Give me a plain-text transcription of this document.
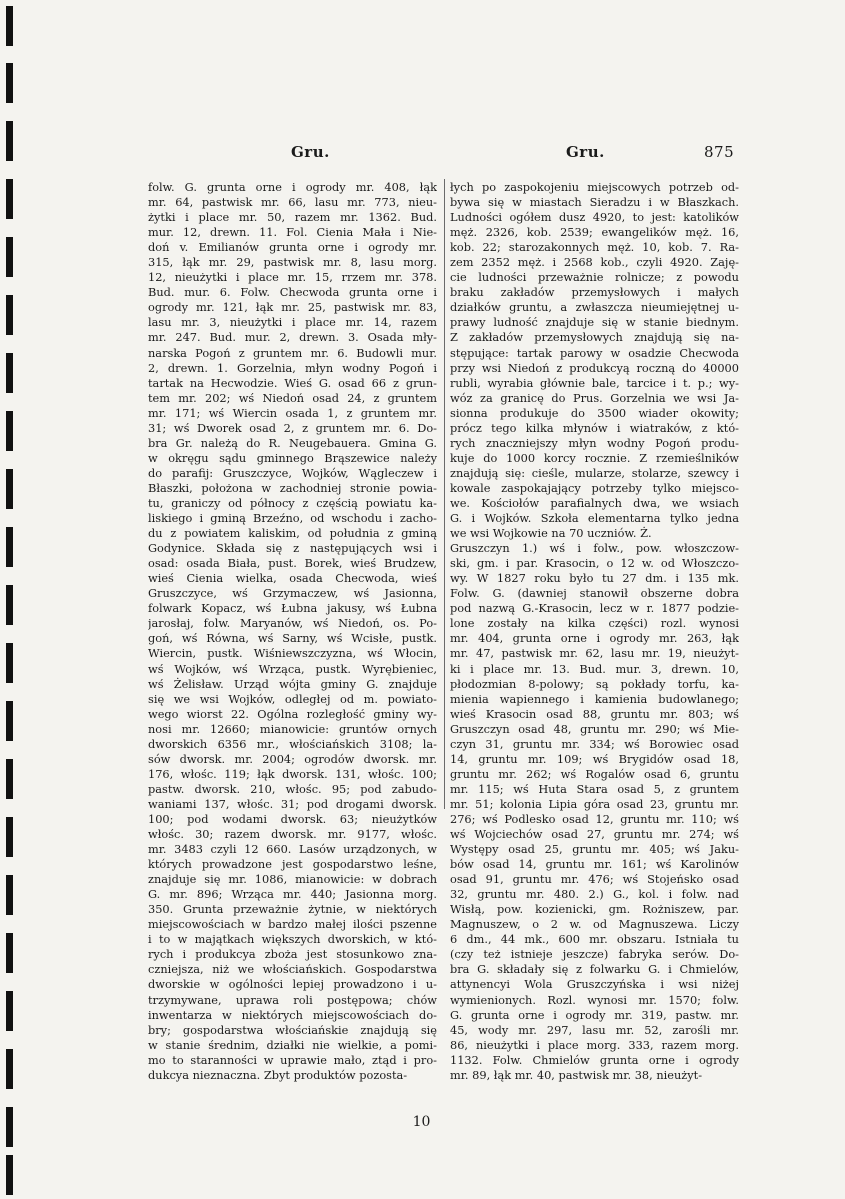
Gru.	Gru.	875
folw. G. grunta orne i ogrody mr. 408, łąk
mr. 64, pastwisk mr. 66, lasu mr. 773, nieu-
żytki i place mr. 50, razem mr. 1362. Bud.
mur. 12, drewn. 11. Fol. Cienia Mała i Nie-
doń v. Emilianów grunta orne i ogrody mr.
315, łąk mr. 29, pastwisk mr. 8, lasu morg.
12, nieużytki i place mr. 15, rrzem mr. 378.
Bud. mur. 6. Folw. Checwoda grunta orne i
ogrody mr. 121, łąk mr. 25, pastwisk mr. 83,
lasu mr. 3, nieużytki i place mr. 14, razem
mr. 247. Bud. mur. 2, drewn. 3. Osada mły-
narska Pogoń z gruntem mr. 6. Budowli mur.
2, drewn. 1. Gorzelnia, młyn wodny Pogoń i
tartak na Hecwodzie. Wieś G. osad 66 z grun-
tem mr. 202; wś Niedoń osad 24, z gruntem
mr. 171; wś Wiercin osada 1, z gruntem mr.
31; wś Dworek osad 2, z gruntem mr. 6. Do-
bra Gr. należą do R. Neugebauera. Gmina G.
w okręgu sądu gminnego Brąszewice należy
do parafij: Gruszczyce, Wojków, Wągleczew i
Błaszki, położona w zachodniej stronie powia-
tu, graniczy od północy z częścią powiatu ka-
liskiego i gminą Brzeźno, od wschodu i zacho-
du z powiatem kaliskim, od południa z gminą
Godynice. Składa się z następujących wsi i
osad: osada Biała, pust. Borek, wieś Brudzew,
wieś Cienia wielka, osada Checwoda, wieś
Gruszczyce, wś Grzymaczew, wś Jasionna,
folwark Kopacz, wś Łubna jakusy, wś Łubna
jarosłaj, folw. Maryanów, wś Niedoń, os. Po-
goń, wś Równa, wś Sarny, wś Wcisłe, pustk.
Wiercin, pustk. Wiśniewszczyzna, wś Włocin,
wś Wojków, wś Wrząca, pustk. Wyrębieniec,
wś Żelisław. Urząd wójta gminy G. znajduje
się we wsi Wojków, odległej od m. powiato-
wego wiorst 22. Ogólna rozległość gminy wy-
nosi mr. 12660; mianowicie: gruntów ornych
dworskich 6356 mr., włościańskich 3108; la-
sów dworsk. mr. 2004; ogrodów dworsk. mr.
176, włośc. 119; łąk dworsk. 131, włośc. 100;
pastw. dworsk. 210, włośc. 95; pod zabudo-
waniami 137, włośc. 31; pod drogami dworsk.
100; pod wodami dworsk. 63; nieużytków
włośc. 30; razem dworsk. mr. 9177, włośc.
mr. 3483 czyli 12 660. Lasów urządzonych, w
których prowadzone jest gospodarstwo leśne,
znajduje się mr. 1086, mianowicie: w dobrach
G. mr. 896; Wrząca mr. 440; Jasionna morg.
350. Grunta przeważnie żytnie, w niektórych
miejscowościach w bardzo małej ilości pszenne
i to w majątkach większych dworskich, w któ-
rych i produkcya zboża jest stosunkowo zna-
czniejsza, niż we włościańskich. Gospodarstwa
dworskie w ogólności lepiej prowadzono i u-
trzymywane, uprawa roli postępowa; chów
inwentarza w niektórych miejscowościach do-
bry; gospodarstwa włościańskie znajdują się
w stanie średnim, działki nie wielkie, a pomi-
mo to staranności w uprawie mało, ztąd i pro-
dukcya nieznaczna. Zbyt produktów pozosta-
łych po zaspokojeniu miejscowych potrzeb od-
bywa się w miastach Sieradzu i w Błaszkach.
Ludności ogółem dusz 4920, to jest: katolików
męż. 2326, kob. 2539; ewangelików męż. 16,
kob. 22; starozakonnych męż. 10, kob. 7. Ra-
zem 2352 męż. i 2568 kob., czyli 4920. Zaję-
cie ludności przeważnie rolnicze; z powodu
braku zakładów przemysłowych i małych
działków gruntu, a zwłaszcza nieumiejętnej u-
prawy ludność znajduje się w stanie biednym.
Z zakładów przemysłowych znajdują się na-
stępujące: tartak parowy w osadzie Checwoda
przy wsi Niedoń z produkcyą roczną do 40000
rubli, wyrabia głównie bale, tarcice i t. p.; wy-
wóz za granicę do Prus. Gorzelnia we wsi Ja-
sionna produkuje do 3500 wiader okowity;
prócz tego kilka młynów i wiatraków, z któ-
rych znaczniejszy młyn wodny Pogoń produ-
kuje do 1000 korcy rocznie. Z rzemieślników
znajdują się: cieśle, mularze, stolarze, szewcy i
kowale zaspokajający potrzeby tylko miejsco-
we. Kościołów parafialnych dwa, we wsiach
G. i Wojków. Szkoła elementarna tylko jedna
we wsi Wojkowie na 70 uczniów. Ż.
Gruszczyn 1.) wś i folw., pow. włoszczow-
ski, gm. i par. Krasocin, o 12 w. od Włoszczo-
wy. W 1827 roku było tu 27 dm. i 135 mk.
Folw. G. (dawniej stanowił obszerne dobra
pod nazwą G.-Krasocin, lecz w r. 1877 podzie-
lone zostały na kilka części) rozl. wynosi
mr. 404, grunta orne i ogrody mr. 263, łąk
mr. 47, pastwisk mr. 62, lasu mr. 19, nieużyt-
ki i place mr. 13. Bud. mur. 3, drewn. 10,
płodozmian 8-polowy; są pokłady torfu, ka-
mienia wapiennego i kamienia budowlanego;
wieś Krasocin osad 88, gruntu mr. 803; wś
Gruszczyn osad 48, gruntu mr. 290; wś Mie-
czyn 31, gruntu mr. 334; wś Borowiec osad
14, gruntu mr. 109; wś Brygidów osad 18,
gruntu mr. 262; wś Rogalów osad 6, gruntu
mr. 115; wś Huta Stara osad 5, z gruntem
mr. 51; kolonia Lipia góra osad 23, gruntu mr.
276; wś Podlesko osad 12, gruntu mr. 110; wś
wś Wojciechów osad 27, gruntu mr. 274; wś
Występy osad 25, gruntu mr. 405; wś Jaku-
bów osad 14, gruntu mr. 161; wś Karolinów
osad 91, gruntu mr. 476; wś Stojeńsko osad
32, gruntu mr. 480. 2.) G., kol. i folw. nad
Wisłą, pow. kozienicki, gm. Rożniszew, par.
Magnuszew, o 2 w. od Magnuszewa. Liczy
6 dm., 44 mk., 600 mr. obszaru. Istniała tu
(czy też istnieje jeszcze) fabryka serów. Do-
bra G. składały się z folwarku G. i Chmielów,
attynencyi Wola Gruszczyńska i wsi niżej
wymienionych. Rozl. wynosi mr. 1570; folw.
G. grunta orne i ogrody mr. 319, pastw. mr.
45, wody mr. 297, lasu mr. 52, zarośli mr.
86, nieużytki i place morg. 333, razem morg.
1132. Folw. Chmielów grunta orne i ogrody
mr. 89, łąk mr. 40, pastwisk mr. 38, nieużyt-
10
